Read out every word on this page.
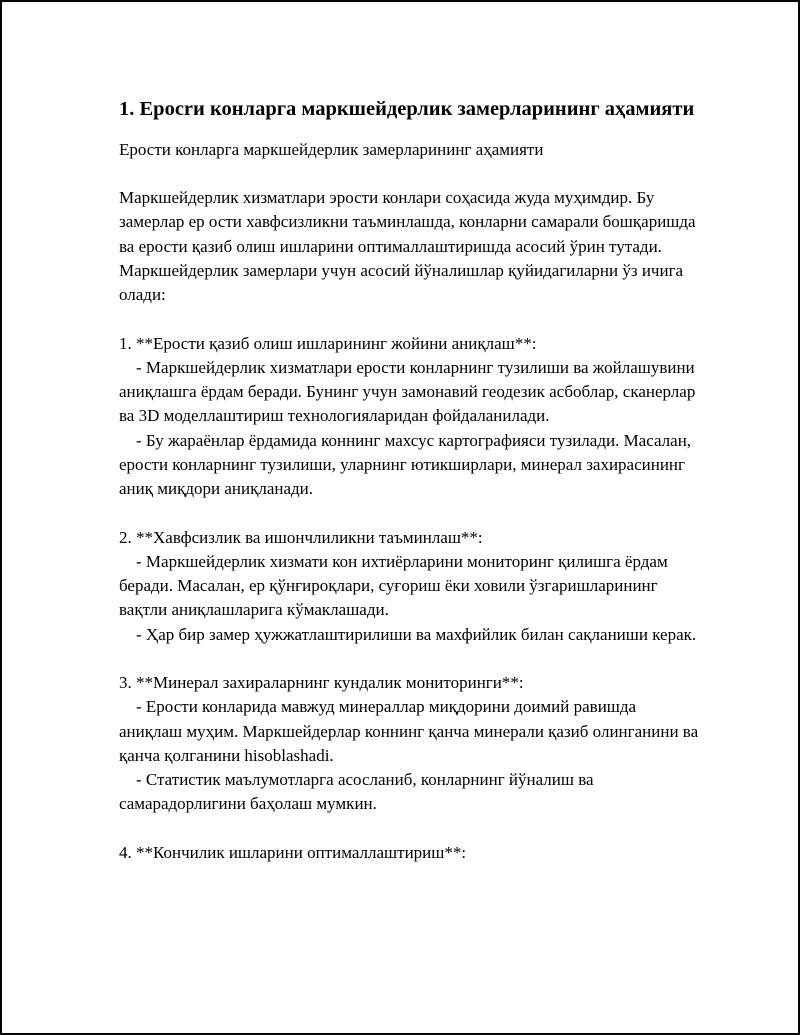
1. Еросrи конларга маркшейдерлик замерларининг аҳамияти

Ерости конларга маркшейдерлик замерларининг аҳамияти

Маркшейдерлик хизматлари эрости конлари соҳасида жуда муҳимдир. Бу замерлар ер ости хавфсизликни таъминлашда, конларни самарали бошқаришда ва ерости қазиб олиш ишларини оптималлаштиришда асосий ўрин тутади. Маркшейдерлик замерлари учун асосий йўналишлар қуйидагиларни ўз ичига олади:

1. **Ерости қазиб олиш ишларининг жойини аниқлаш**:
- Маркшейдерлик хизматлари ерости конларнинг тузилиши ва жойлашувини аниқлашга ёрдам беради. Бунинг учун замонавий геодезик асбоблар, сканерлар ва 3D моделлаштириш технологияларидан фойдаланилади.
- Бу жараёнлар ёрдамида коннинг махсус картографияси тузилади. Масалан, ерости конларнинг тузилиши, уларнинг ютикширлари, минерал захирасининг аниқ миқдори аниқланади.

2. **Хавфсизлик ва ишончлиликни таъминлаш**:
- Маркшейдерлик хизмати кон ихтиёрларини мониторинг қилишга ёрдам беради. Масалан, ер қўнғироқлари, суғориш ёки ховили ўзгаришларининг вақтли аниқлашларига кўмаклашади.
- Ҳар бир замер ҳужжатлаштирилиши ва махфийлик билан сақланиши керак.

3. **Минерал захираларнинг кундалик мониторинги**:
- Ерости конларида мавжуд минераллар миқдорини доимий равишда аниқлаш муҳим. Маркшейдерлар коннинг қанча минерали қазиб олинганини ва қанча қолганини hisoblashadi.
- Статистик маълумотларга асосланиб, конларнинг йўналиш ва самарадорлигини баҳолаш мумкин.

4. **Кончилик ишларини оптималлаштириш**:
